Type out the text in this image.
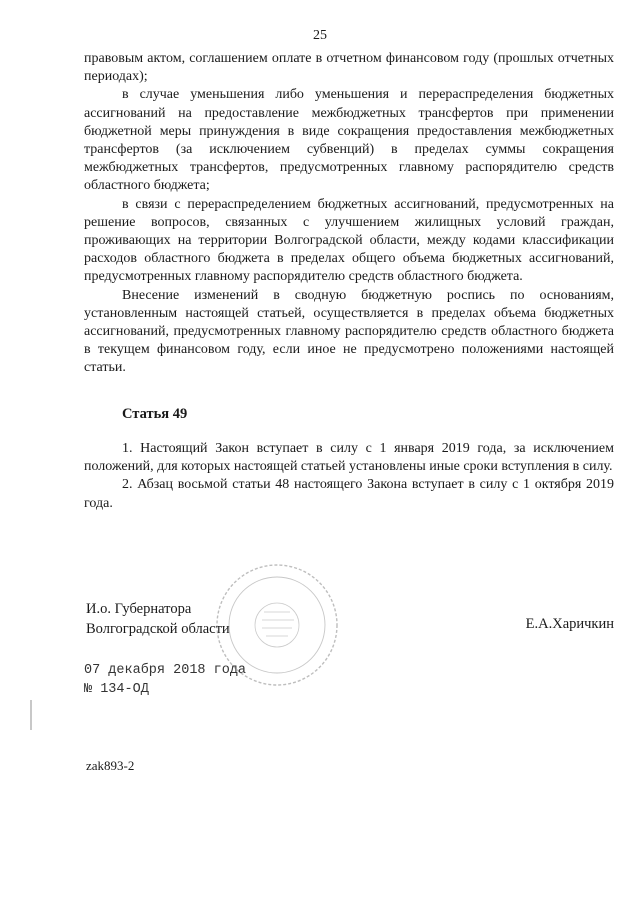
25

правовым актом, соглашением оплате в отчетном финансовом году (прошлых отчетных периодах);

в случае уменьшения либо уменьшения и перераспределения бюджетных ассигнований на предоставление межбюджетных трансфертов при применении бюджетной меры принуждения в виде сокращения предоставления межбюджетных трансфертов (за исключением субвенций) в пределах суммы сокращения межбюджетных трансфертов, предусмотренных главному распорядителю средств областного бюджета;

в связи с перераспределением бюджетных ассигнований, предусмотренных на решение вопросов, связанных с улучшением жилищных условий граждан, проживающих на территории Волгоградской области, между кодами классификации расходов областного бюджета в пределах общего объема бюджетных ассигнований, предусмотренных главному распорядителю средств областного бюджета.

Внесение изменений в сводную бюджетную роспись по основаниям, установленным настоящей статьей, осуществляется в пределах объема бюджетных ассигнований, предусмотренных главному распорядителю средств областного бюджета в текущем финансовом году, если иное не предусмотрено положениями настоящей статьи.

Статья 49

1. Настоящий Закон вступает в силу с 1 января 2019 года, за исключением положений, для которых настоящей статьей установлены иные сроки вступления в силу.

2. Абзац восьмой статьи 48 настоящего Закона вступает в силу с 1 октября 2019 года.

И.о. Губернатора
Волгоградской области	Е.А.Харичкин
07 декабря 2018 года
№ 134-ОД
zak893-2
